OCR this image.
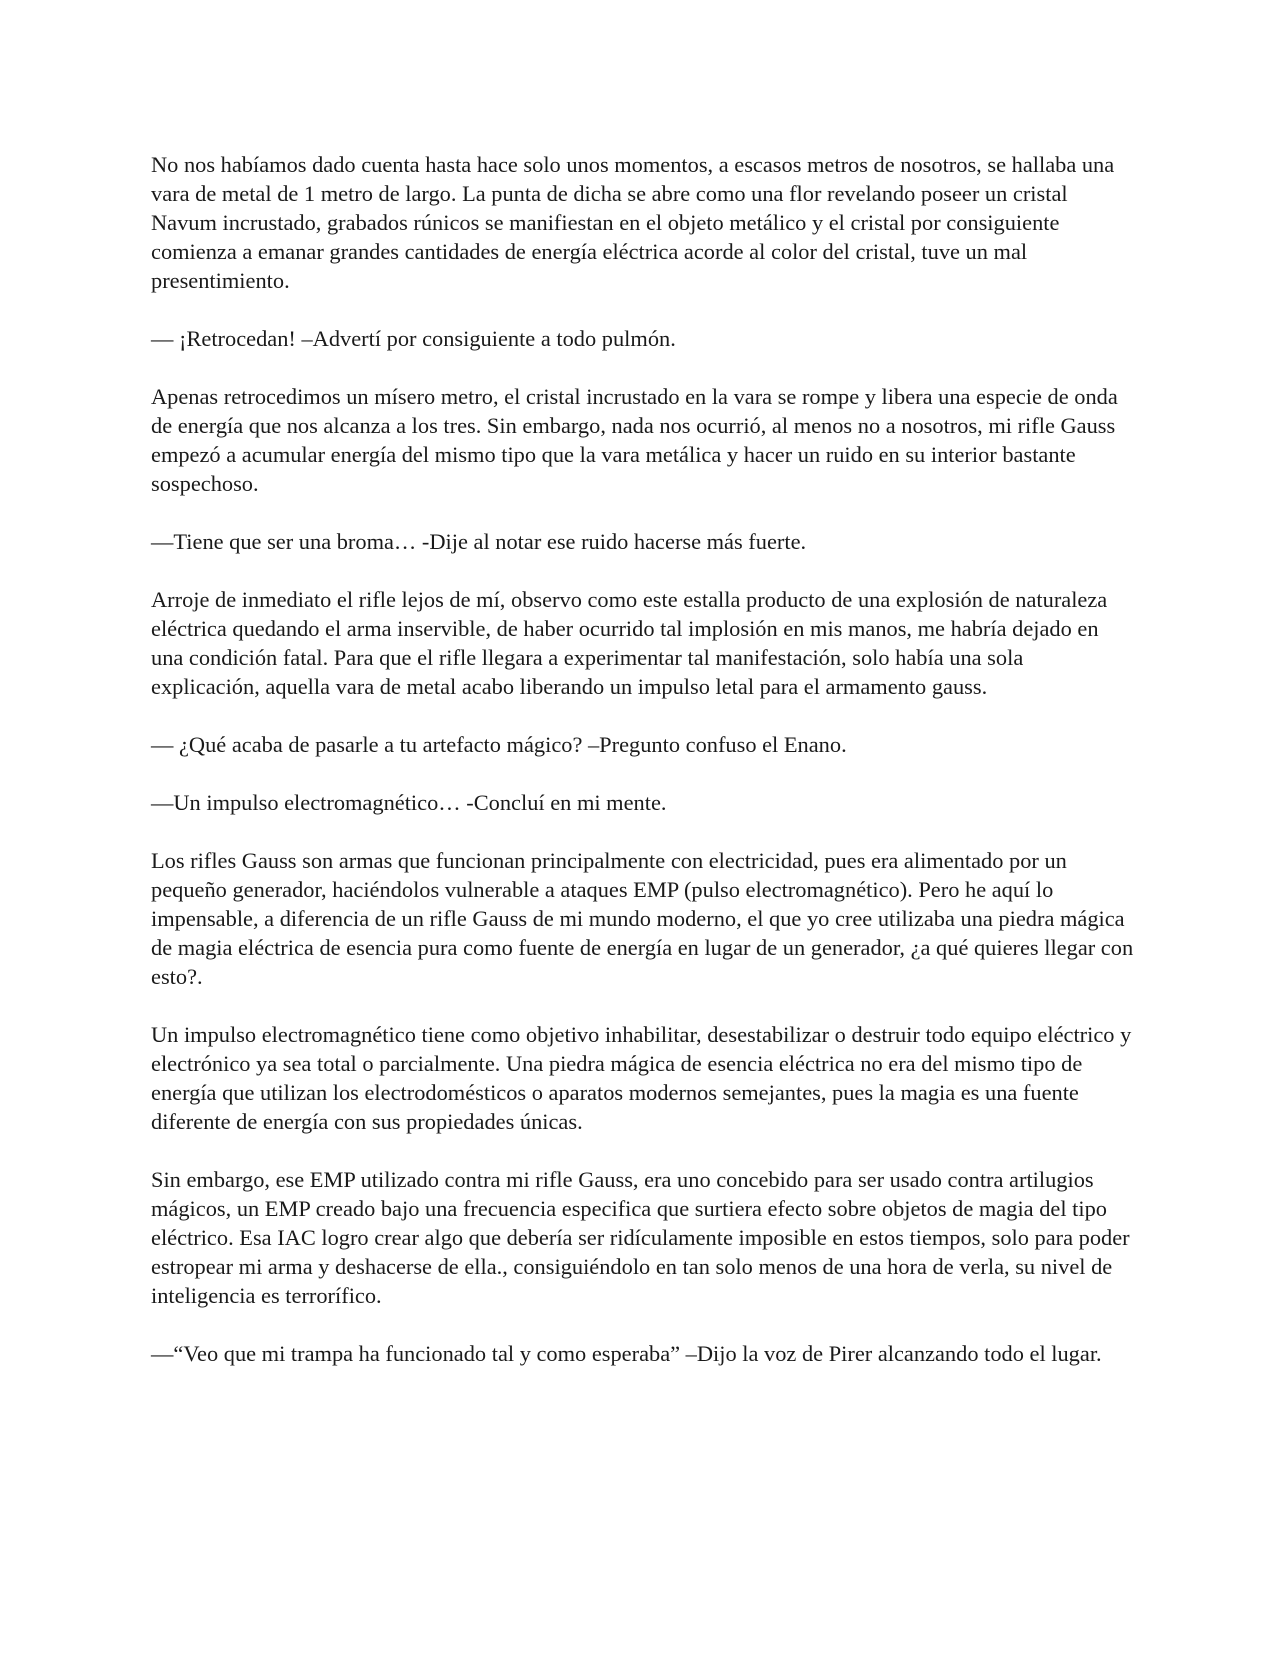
No nos habíamos dado cuenta hasta hace solo unos momentos, a escasos metros de nosotros, se hallaba una vara de metal de 1 metro de largo. La punta de dicha se abre como una flor revelando poseer un cristal Navum incrustado, grabados rúnicos se manifiestan en el objeto metálico y el cristal por consiguiente comienza a emanar grandes cantidades de energía eléctrica acorde al color del cristal, tuve un mal presentimiento.

— ¡Retrocedan! –Advertí por consiguiente a todo pulmón.

Apenas retrocedimos un mísero metro, el cristal incrustado en la vara se rompe y libera una especie de onda de energía que nos alcanza a los tres. Sin embargo, nada nos ocurrió, al menos no a nosotros, mi rifle Gauss empezó a acumular energía del mismo tipo que la vara metálica y hacer un ruido en su interior bastante sospechoso.

—Tiene que ser una broma… -Dije al notar ese ruido hacerse más fuerte.

Arroje de inmediato el rifle lejos de mí, observo como este estalla producto de una explosión de naturaleza eléctrica quedando el arma inservible, de haber ocurrido tal implosión en mis manos, me habría dejado en una condición fatal. Para que el rifle llegara a experimentar tal manifestación, solo había una sola explicación, aquella vara de metal acabo liberando un impulso letal para el armamento gauss.

— ¿Qué acaba de pasarle a tu artefacto mágico? –Pregunto confuso el Enano.

—Un impulso electromagnético… -Concluí en mi mente.

Los rifles Gauss son armas que funcionan principalmente con electricidad, pues era alimentado por un pequeño generador, haciéndolos vulnerable a ataques EMP (pulso electromagnético). Pero he aquí lo impensable, a diferencia de un rifle Gauss de mi mundo moderno, el que yo cree utilizaba una piedra mágica de magia eléctrica de esencia pura como fuente de energía en lugar de un generador, ¿a qué quieres llegar con esto?.

Un impulso electromagnético tiene como objetivo inhabilitar, desestabilizar o destruir todo equipo eléctrico y electrónico ya sea total o parcialmente. Una piedra mágica de esencia eléctrica no era del mismo tipo de energía que utilizan los electrodomésticos o aparatos modernos semejantes, pues la magia es una fuente diferente de energía con sus propiedades únicas.

Sin embargo, ese EMP utilizado contra mi rifle Gauss, era uno concebido para ser usado contra artilugios mágicos, un EMP creado bajo una frecuencia especifica que surtiera efecto sobre objetos de magia del tipo eléctrico. Esa IAC logro crear algo que debería ser ridículamente imposible en estos tiempos, solo para poder estropear mi arma y deshacerse de ella., consiguiéndolo en tan solo menos de una hora de verla, su nivel de inteligencia es terrorífico.

—“Veo que mi trampa ha funcionado tal y como esperaba” –Dijo la voz de Pirer alcanzando todo el lugar.
